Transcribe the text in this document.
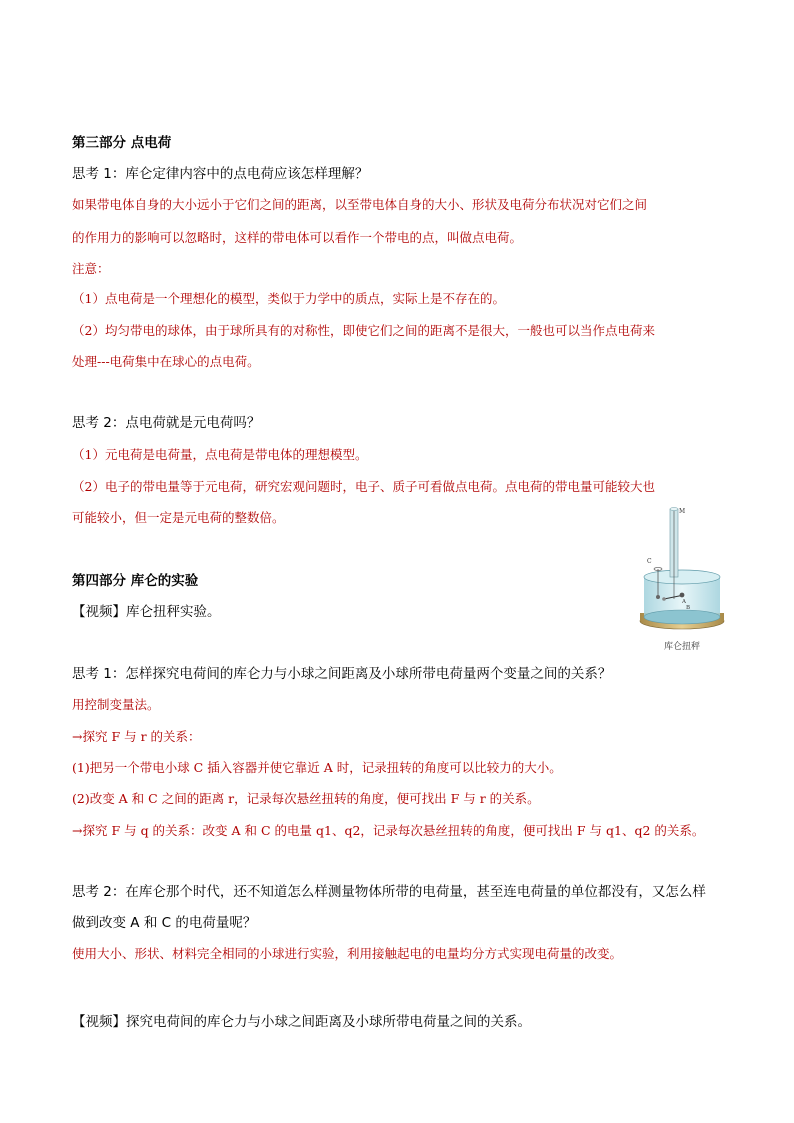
第三部分 点电荷
思考 1：库仑定律内容中的点电荷应该怎样理解？
如果带电体自身的大小远小于它们之间的距离，以至带电体自身的大小、形状及电荷分布状况对它们之间
的作用力的影响可以忽略时，这样的带电体可以看作一个带电的点，叫做点电荷。
注意：
（1）点电荷是一个理想化的模型，类似于力学中的质点，实际上是不存在的。
（2）均匀带电的球体，由于球所具有的对称性，即使它们之间的距离不是很大，一般也可以当作点电荷来
处理---电荷集中在球心的点电荷。
思考 2：点电荷就是元电荷吗？
（1）元电荷是电荷量，点电荷是带电体的理想模型。
（2）电子的带电量等于元电荷，研究宏观问题时，电子、质子可看做点电荷。点电荷的带电量可能较大也
可能较小，但一定是元电荷的整数倍。
第四部分 库仑的实验
【视频】库仑扭秤实验。
M
C
A
B
库仑扭秤
思考 1：怎样探究电荷间的库仑力与小球之间距离及小球所带电荷量两个变量之间的关系？
用控制变量法。
→探究 F 与 r 的关系：
(1)把另一个带电小球 C 插入容器并使它靠近 A 时，记录扭转的角度可以比较力的大小。
(2)改变 A 和 C 之间的距离 r，记录每次悬丝扭转的角度，便可找出 F 与 r 的关系。
→探究 F 与 q 的关系：改变 A 和 C 的电量 q1、q2，记录每次悬丝扭转的角度，便可找出 F 与 q1、q2 的关系。
思考 2：在库仑那个时代，还不知道怎么样测量物体所带的电荷量，甚至连电荷量的单位都没有，又怎么样
做到改变 A 和 C 的电荷量呢？
使用大小、形状、材料完全相同的小球进行实验，利用接触起电的电量均分方式实现电荷量的改变。
【视频】探究电荷间的库仑力与小球之间距离及小球所带电荷量之间的关系。
